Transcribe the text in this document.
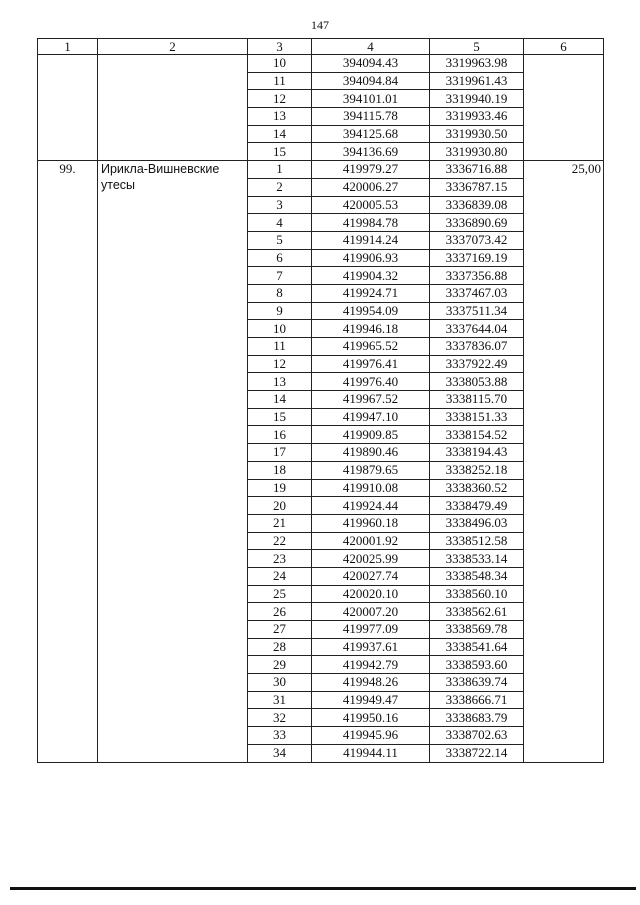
147
1	2	3	4	5	6
		10	394094.43	3319963.98	
		11	394094.84	3319961.43	
		12	394101.01	3319940.19	
		13	394115.78	3319933.46	
		14	394125.68	3319930.50	
		15	394136.69	3319930.80	
99.	Ирикла-Вишневские утесы	1	419979.27	3336716.88	25,00
		2	420006.27	3336787.15	
		3	420005.53	3336839.08	
		4	419984.78	3336890.69	
		5	419914.24	3337073.42	
		6	419906.93	3337169.19	
		7	419904.32	3337356.88	
		8	419924.71	3337467.03	
		9	419954.09	3337511.34	
		10	419946.18	3337644.04	
		11	419965.52	3337836.07	
		12	419976.41	3337922.49	
		13	419976.40	3338053.88	
		14	419967.52	3338115.70	
		15	419947.10	3338151.33	
		16	419909.85	3338154.52	
		17	419890.46	3338194.43	
		18	419879.65	3338252.18	
		19	419910.08	3338360.52	
		20	419924.44	3338479.49	
		21	419960.18	3338496.03	
		22	420001.92	3338512.58	
		23	420025.99	3338533.14	
		24	420027.74	3338548.34	
		25	420020.10	3338560.10	
		26	420007.20	3338562.61	
		27	419977.09	3338569.78	
		28	419937.61	3338541.64	
		29	419942.79	3338593.60	
		30	419948.26	3338639.74	
		31	419949.47	3338666.71	
		32	419950.16	3338683.79	
		33	419945.96	3338702.63	
		34	419944.11	3338722.14	
